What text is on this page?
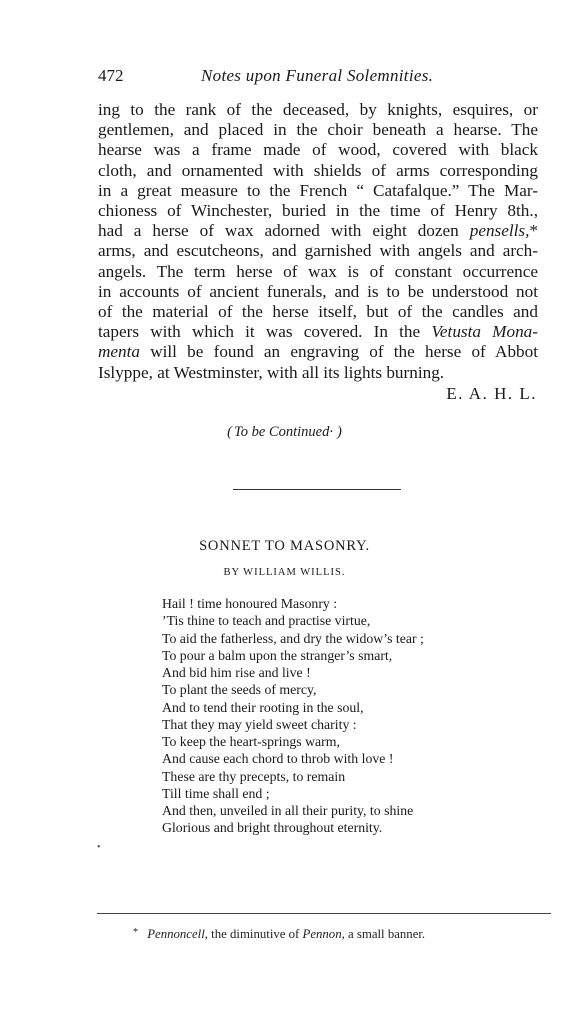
472	Notes upon Funeral Solemnities.
ing to the rank of the deceased, by knights, esquires, or
gentlemen, and placed in the choir beneath a hearse. The
hearse was a frame made of wood, covered with black
cloth, and ornamented with shields of arms corresponding
in a great measure to the French “ Catafalque.” The Mar-
chioness of Winchester, buried in the time of Henry 8th.,
had a herse of wax adorned with eight dozen pensells,*
arms, and escutcheons, and garnished with angels and arch-
angels. The term herse of wax is of constant occurrence
in accounts of ancient funerals, and is to be understood not
of the material of the herse itself, but of the candles and
tapers with which it was covered. In the Vetusta Mona-
menta will be found an engraving of the herse of Abbot
Islyppe, at Westminster, with all its lights burning.
E. A. H. L.
( To be Continued· )
SONNET TO MASONRY.
BY WILLIAM WILLIS.
Hail ! time honoured Masonry :
’Tis thine to teach and practise virtue,
To aid the fatherless, and dry the widow’s tear ;
To pour a balm upon the stranger’s smart,
And bid him rise and live !
To plant the seeds of mercy,
And to tend their rooting in the soul,
That they may yield sweet charity :
To keep the heart-springs warm,
And cause each chord to throb with love !
These are thy precepts, to remain
Till time shall end ;
And then, unveiled in all their purity, to shine
Glorious and bright throughout eternity.
•
* Pennoncell, the diminutive of Pennon, a small banner.
